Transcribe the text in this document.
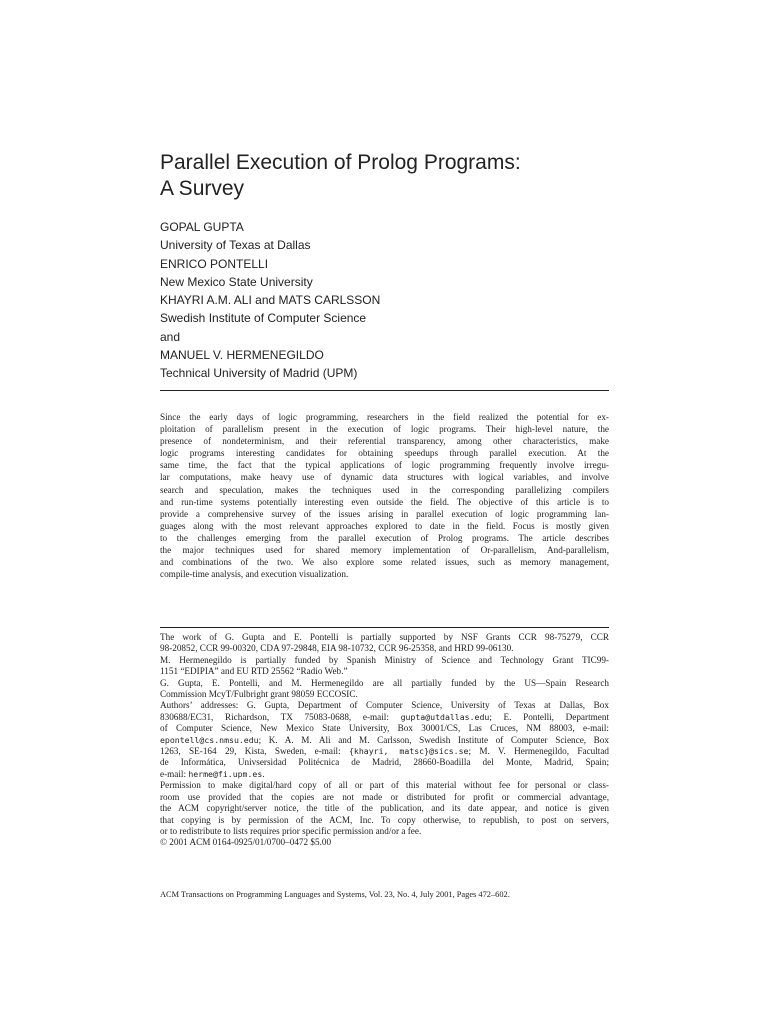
Parallel Execution of Prolog Programs:
A Survey
GOPAL GUPTA
University of Texas at Dallas
ENRICO PONTELLI
New Mexico State University
KHAYRI A.M. ALI and MATS CARLSSON
Swedish Institute of Computer Science
and
MANUEL V. HERMENEGILDO
Technical University of Madrid (UPM)
Since the early days of logic programming, researchers in the field realized the potential for ex-
ploitation of parallelism present in the execution of logic programs. Their high-level nature, the
presence of nondeterminism, and their referential transparency, among other characteristics, make
logic programs interesting candidates for obtaining speedups through parallel execution. At the
same time, the fact that the typical applications of logic programming frequently involve irregu-
lar computations, make heavy use of dynamic data structures with logical variables, and involve
search and speculation, makes the techniques used in the corresponding parallelizing compilers
and run-time systems potentially interesting even outside the field. The objective of this article is to
provide a comprehensive survey of the issues arising in parallel execution of logic programming lan-
guages along with the most relevant approaches explored to date in the field. Focus is mostly given
to the challenges emerging from the parallel execution of Prolog programs. The article describes
the major techniques used for shared memory implementation of Or-parallelism, And-parallelism,
and combinations of the two. We also explore some related issues, such as memory management,
compile-time analysis, and execution visualization.
The work of G. Gupta and E. Pontelli is partially supported by NSF Grants CCR 98-75279, CCR
98-20852, CCR 99-00320, CDA 97-29848, EIA 98-10732, CCR 96-25358, and HRD 99-06130.
M. Hermenegildo is partially funded by Spanish Ministry of Science and Technology Grant TIC99-
1151 “EDIPIA” and EU RTD 25562 “Radio Web.”
G. Gupta, E. Pontelli, and M. Hermenegildo are all partially funded by the US—Spain Research
Commission McyT/Fulbright grant 98059 ECCOSIC.
Authors’ addresses: G. Gupta, Department of Computer Science, University of Texas at Dallas, Box
830688/EC31, Richardson, TX 75083-0688, e-mail: gupta@utdallas.edu; E. Pontelli, Department
of Computer Science, New Mexico State University, Box 30001/CS, Las Cruces, NM 88003, e-mail:
epontell@cs.nmsu.edu; K. A. M. Ali and M. Carlsson, Swedish Institute of Computer Science, Box
1263, SE-164 29, Kista, Sweden, e-mail: {khayri, matsc}@sics.se; M. V. Hermenegildo, Facultad
de Informática, Univsersidad Politécnica de Madrid, 28660-Boadilla del Monte, Madrid, Spain;
e-mail: herme@fi.upm.es.
Permission to make digital/hard copy of all or part of this material without fee for personal or class-
room use provided that the copies are not made or distributed for profit or commercial advantage,
the ACM copyright/server notice, the title of the publication, and its date appear, and notice is given
that copying is by permission of the ACM, Inc. To copy otherwise, to republish, to post on servers,
or to redistribute to lists requires prior specific permission and/or a fee.
© 2001 ACM 0164-0925/01/0700–0472 $5.00
ACM Transactions on Programming Languages and Systems, Vol. 23, No. 4, July 2001, Pages 472–602.
